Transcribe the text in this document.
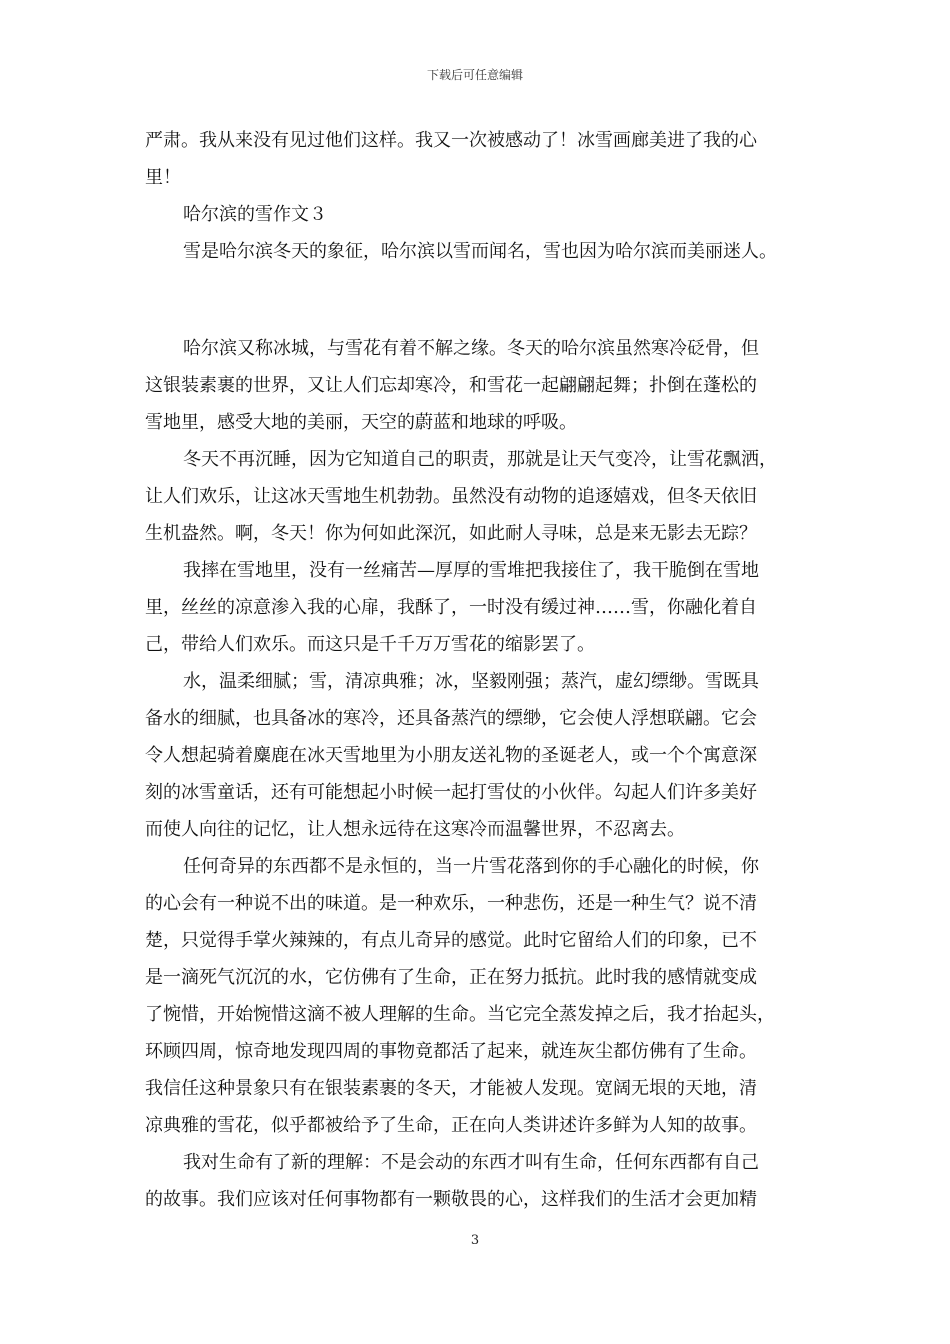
下载后可任意编辑
严肃。我从来没有见过他们这样。我又一次被感动了！冰雪画廊美进了我的心
里！
哈尔滨的雪作文３
雪是哈尔滨冬天的象征，哈尔滨以雪而闻名，雪也因为哈尔滨而美丽迷人。
哈尔滨又称冰城，与雪花有着不解之缘。冬天的哈尔滨虽然寒冷砭骨，但
这银装素裹的世界，又让人们忘却寒冷，和雪花一起翩翩起舞；扑倒在蓬松的
雪地里，感受大地的美丽，天空的蔚蓝和地球的呼吸。
冬天不再沉睡，因为它知道自己的职责，那就是让天气变冷，让雪花飘洒，
让人们欢乐，让这冰天雪地生机勃勃。虽然没有动物的追逐嬉戏，但冬天依旧
生机盎然。啊，冬天！你为何如此深沉，如此耐人寻味，总是来无影去无踪？
我摔在雪地里，没有一丝痛苦—厚厚的雪堆把我接住了，我干脆倒在雪地
里，丝丝的凉意渗入我的心扉，我酥了，一时没有缓过神……雪，你融化着自
己，带给人们欢乐。而这只是千千万万雪花的缩影罢了。
水，温柔细腻；雪，清凉典雅；冰，坚毅刚强；蒸汽，虚幻缥缈。雪既具
备水的细腻，也具备冰的寒冷，还具备蒸汽的缥缈，它会使人浮想联翩。它会
令人想起骑着麋鹿在冰天雪地里为小朋友送礼物的圣诞老人，或一个个寓意深
刻的冰雪童话，还有可能想起小时候一起打雪仗的小伙伴。勾起人们许多美好
而使人向往的记忆，让人想永远待在这寒冷而温馨世界，不忍离去。
任何奇异的东西都不是永恒的，当一片雪花落到你的手心融化的时候，你
的心会有一种说不出的味道。是一种欢乐，一种悲伤，还是一种生气？说不清
楚，只觉得手掌火辣辣的，有点儿奇异的感觉。此时它留给人们的印象，已不
是一滴死气沉沉的水，它仿佛有了生命，正在努力抵抗。此时我的感情就变成
了惋惜，开始惋惜这滴不被人理解的生命。当它完全蒸发掉之后，我才抬起头，
环顾四周，惊奇地发现四周的事物竟都活了起来，就连灰尘都仿佛有了生命。
我信任这种景象只有在银装素裹的冬天，才能被人发现。宽阔无垠的天地，清
凉典雅的雪花，似乎都被给予了生命，正在向人类讲述许多鲜为人知的故事。
我对生命有了新的理解：不是会动的东西才叫有生命，任何东西都有自己
的故事。我们应该对任何事物都有一颗敬畏的心，这样我们的生活才会更加精
3
